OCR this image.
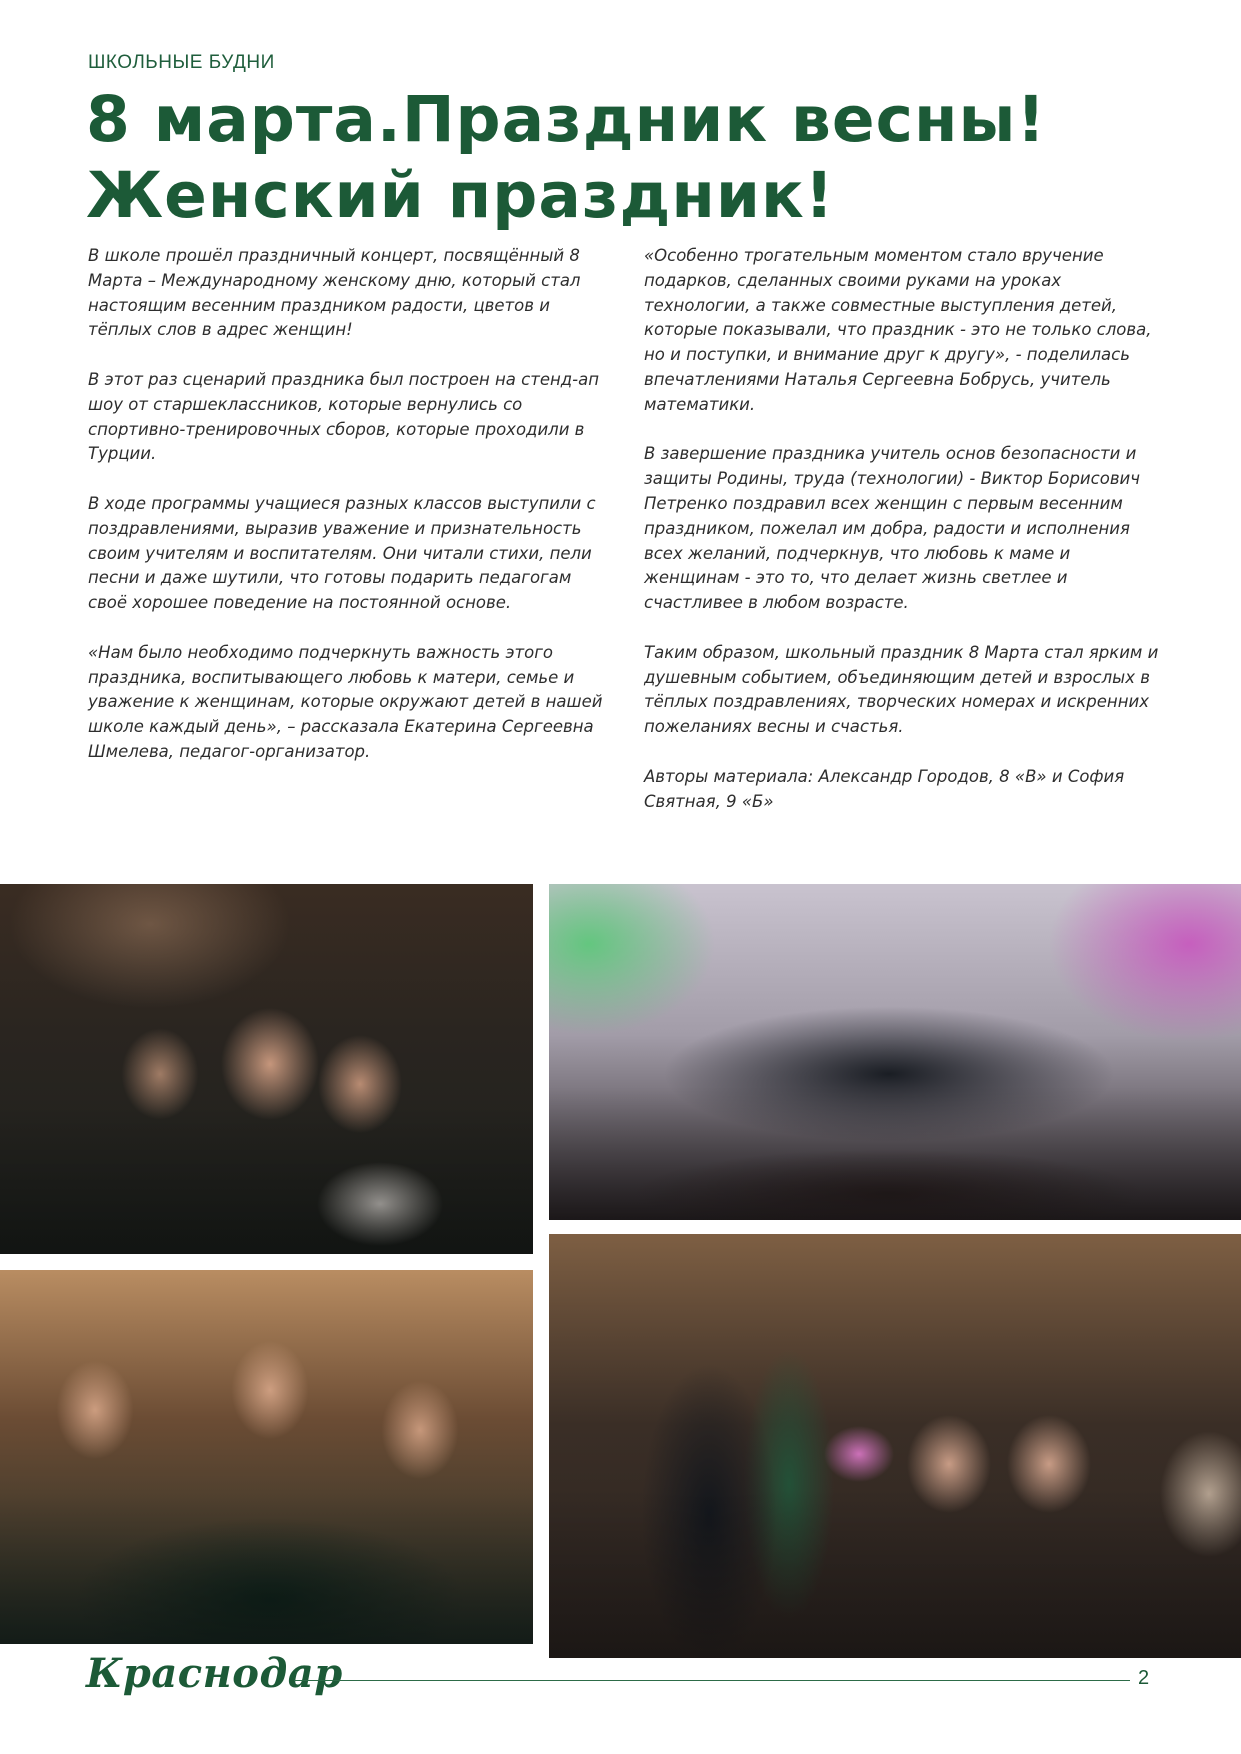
ШКОЛЬНЫЕ БУДНИ
8 марта.Праздник весны!
Женский праздник!

В школе прошёл праздничный концерт, посвящённый 8 Марта – Международному женскому дню, который стал настоящим весенним праздником радости, цветов и тёплых слов в адрес женщин!

В этот раз сценарий праздника был построен на стенд-ап шоу от старшеклассников, которые вернулись со спортивно-тренировочных сборов, которые проходили в Турции.

В ходе программы учащиеся разных классов выступили с поздравлениями, выразив уважение и признательность своим учителям и воспитателям. Они читали стихи, пели песни и даже шутили, что готовы подарить педагогам своё хорошее поведение на постоянной основе.

«Нам было необходимо подчеркнуть важность этого праздника, воспитывающего любовь к матери, семье и уважение к женщинам, которые окружают детей в нашей школе каждый день», – рассказала Екатерина Сергеевна Шмелева, педагог-организатор.

«Особенно трогательным моментом стало вручение подарков, сделанных своими руками на уроках технологии, а также совместные выступления детей, которые показывали, что праздник - это не только слова, но и поступки, и внимание друг к другу», - поделилась впечатлениями Наталья Сергеевна Бобрусь, учитель математики.

В завершение праздника учитель основ безопасности и защиты Родины, труда (технологии) - Виктор Борисович Петренко поздравил всех женщин с первым весенним праздником, пожелал им добра, радости и исполнения всех желаний, подчеркнув, что любовь к маме и женщинам - это то, что делает жизнь светлее и счастливее в любом возрасте.

Таким образом, школьный праздник 8 Марта стал ярким и душевным событием, объединяющим детей и взрослых в тёплых поздравлениях, творческих номерах и искренних пожеланиях весны и счастья.

Авторы материала: Александр Городов, 8 «В» и София Святная, 9 «Б»

Краснодар	2
